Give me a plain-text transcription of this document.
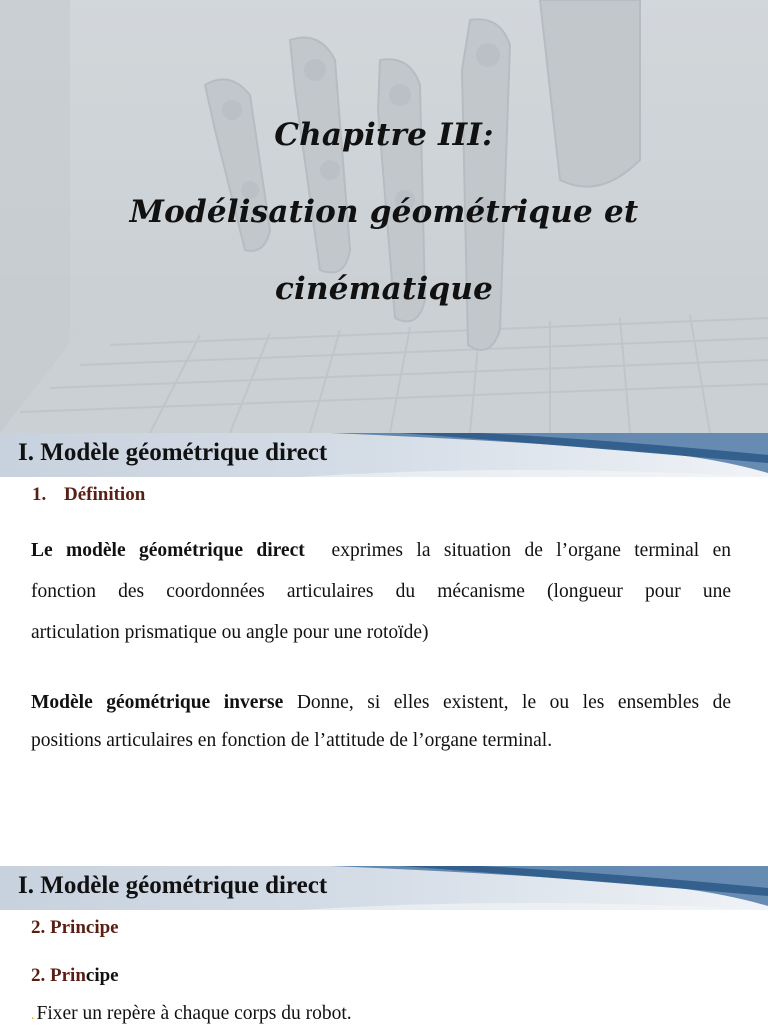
Chapitre III:
Modélisation géométrique et
cinématique
I. Modèle géométrique direct
1. Définition
Le modèle géométrique direct exprimes la situation de l’organe terminal en
fonction des coordonnées articulaires du mécanisme (longueur pour une
articulation prismatique ou angle pour une rotoïde)
Modèle géométrique inverse Donne, si elles existent, le ou les ensembles de
positions articulaires en fonction de l’attitude de l’organe terminal.
I. Modèle géométrique direct
2. Principe
2. Principe
. Fixer un repère à chaque corps du robot.
